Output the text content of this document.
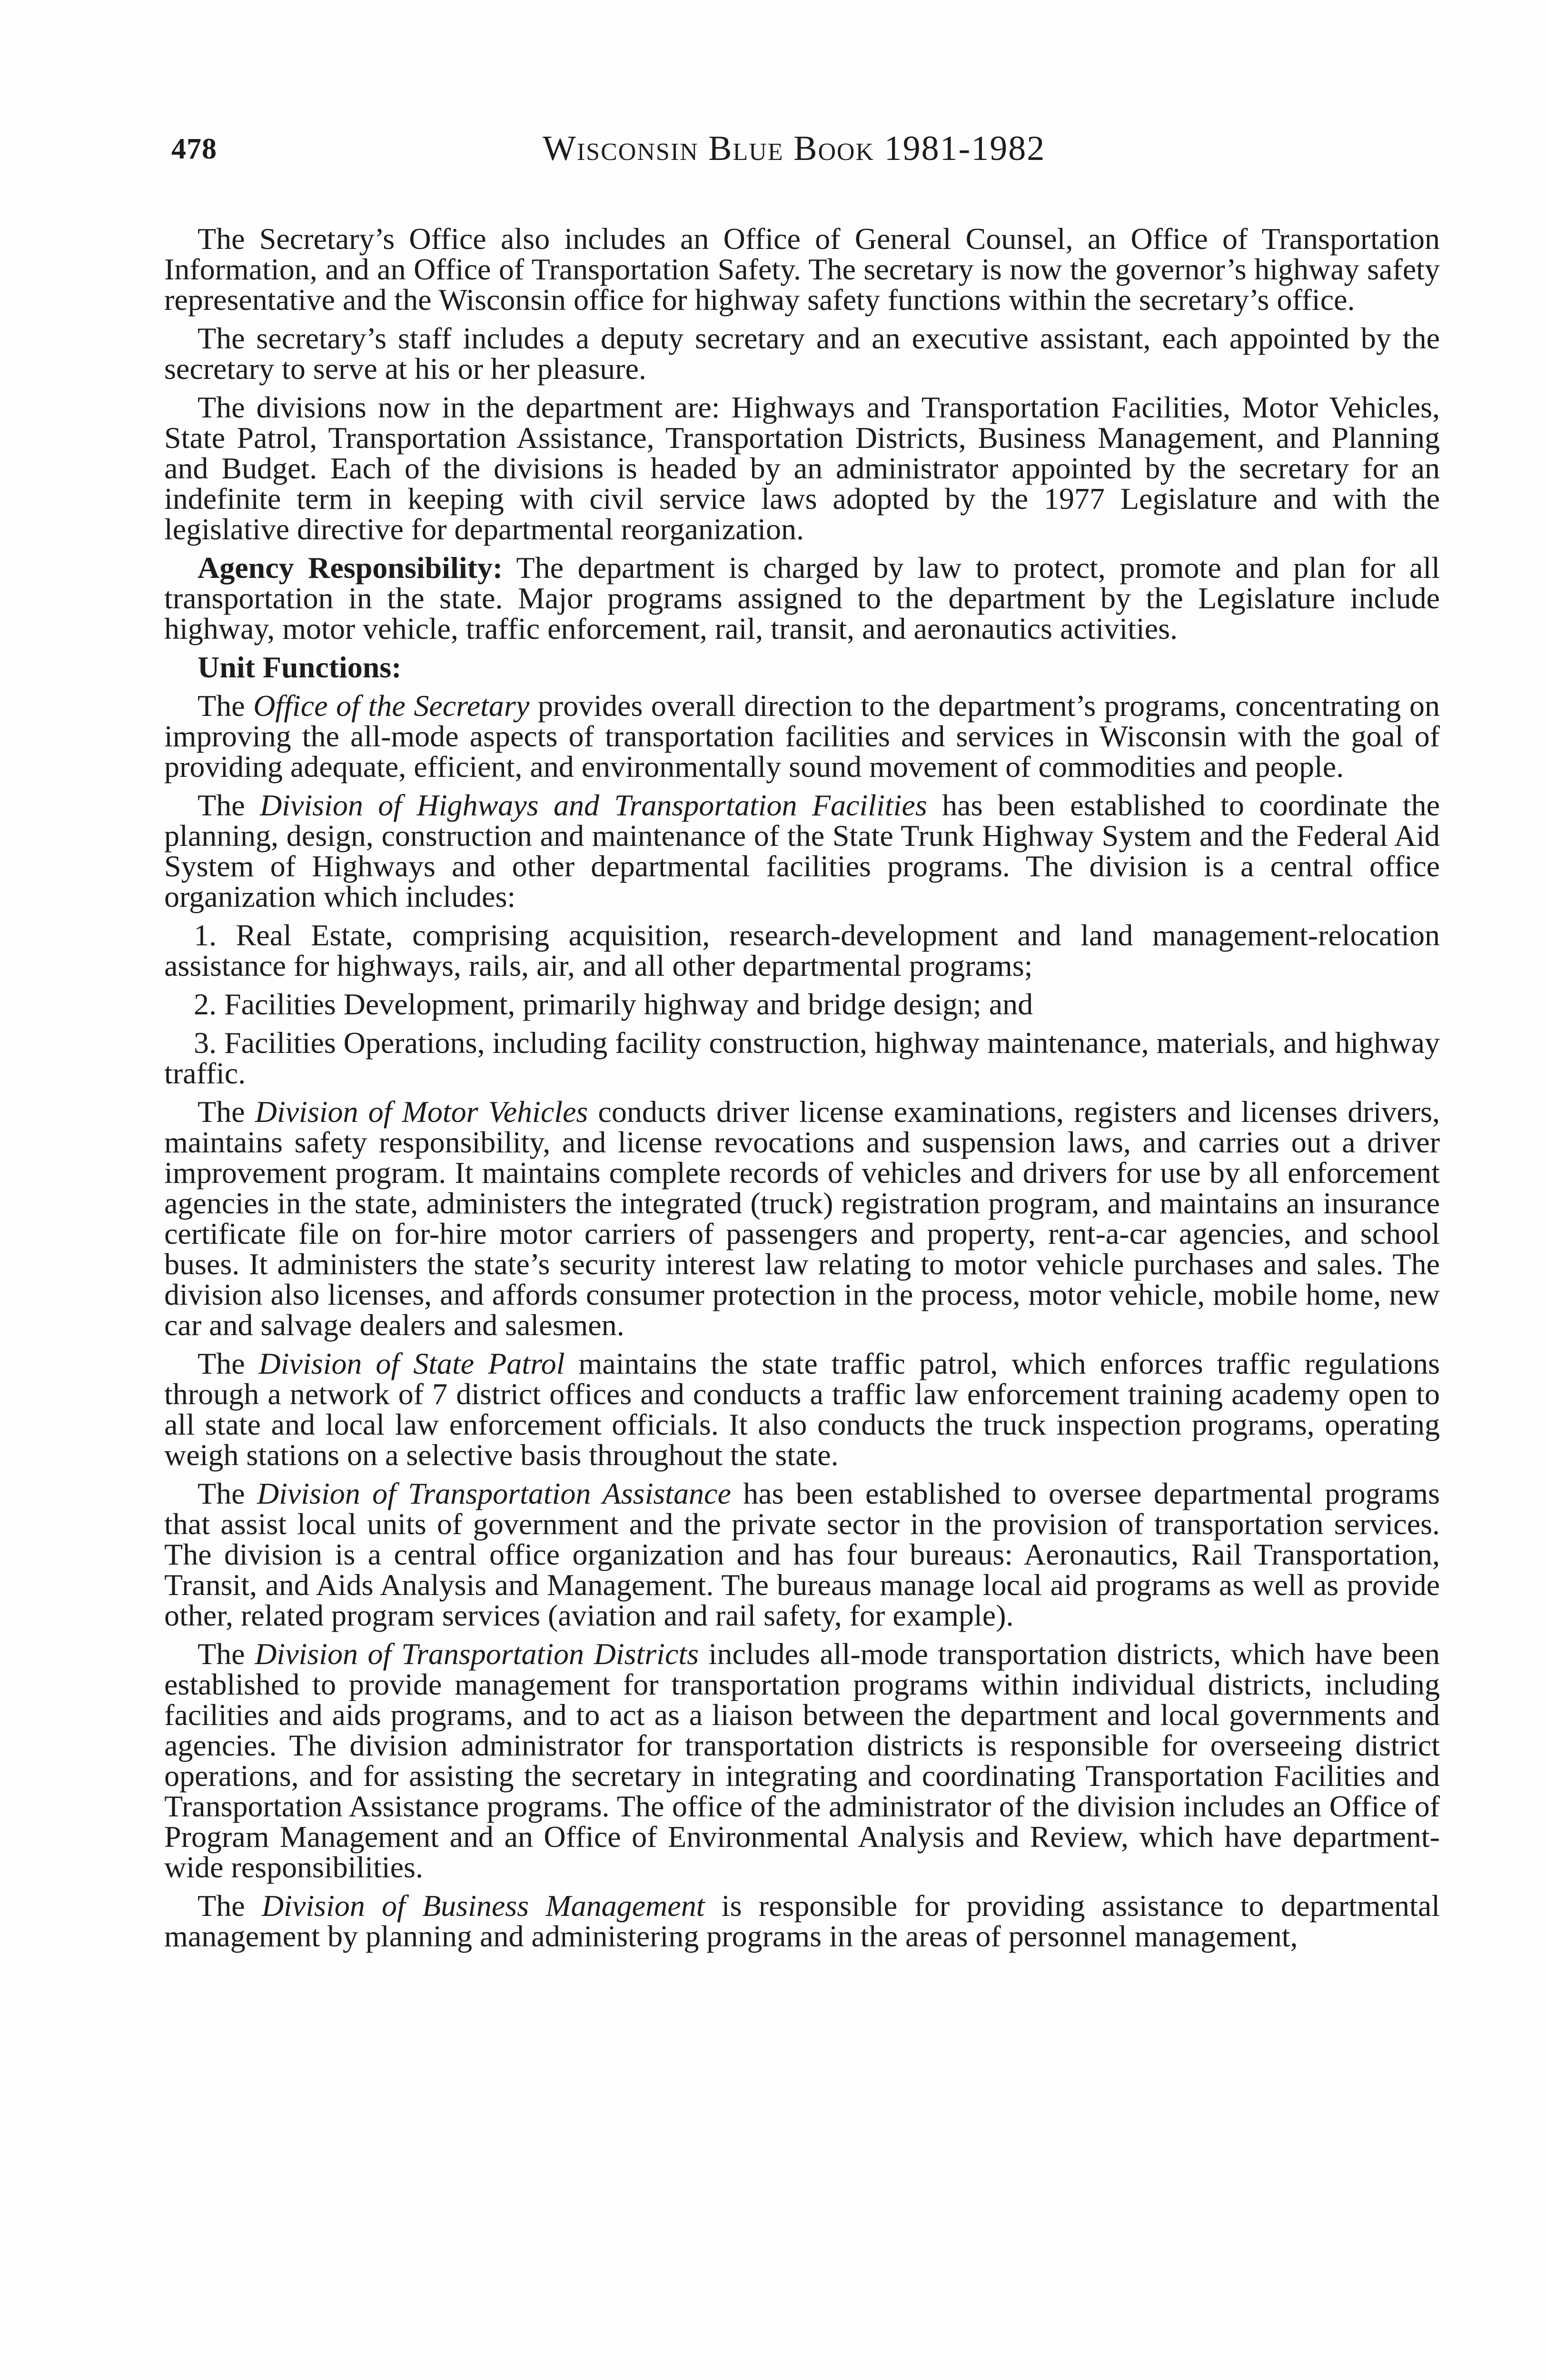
478	Wisconsin Blue Book 1981-1982

The Secretary’s Office also includes an Office of General Counsel, an Office of Transportation Information, and an Office of Transportation Safety. The secretary is now the governor’s highway safety representative and the Wisconsin office for highway safety functions within the secretary’s office.

The secretary’s staff includes a deputy secretary and an executive assistant, each appointed by the secretary to serve at his or her pleasure.

The divisions now in the department are: Highways and Transportation Facilities, Motor Vehicles, State Patrol, Transportation Assistance, Transportation Districts, Business Management, and Planning and Budget. Each of the divisions is headed by an administrator appointed by the secretary for an indefinite term in keeping with civil service laws adopted by the 1977 Legislature and with the legislative directive for departmental reorganization.

Agency Responsibility: The department is charged by law to protect, promote and plan for all transportation in the state. Major programs assigned to the department by the Legislature include highway, motor vehicle, traffic enforcement, rail, transit, and aeronautics activities.

Unit Functions:

The Office of the Secretary provides overall direction to the department’s programs, concentrating on improving the all-mode aspects of transportation facilities and services in Wisconsin with the goal of providing adequate, efficient, and environmentally sound movement of commodities and people.

The Division of Highways and Transportation Facilities has been established to coordinate the planning, design, construction and maintenance of the State Trunk Highway System and the Federal Aid System of Highways and other departmental facilities programs. The division is a central office organization which includes:

1. Real Estate, comprising acquisition, research-development and land management-relocation assistance for highways, rails, air, and all other departmental programs;

2. Facilities Development, primarily highway and bridge design; and

3. Facilities Operations, including facility construction, highway maintenance, materials, and highway traffic.

The Division of Motor Vehicles conducts driver license examinations, registers and licenses drivers, maintains safety responsibility, and license revocations and suspension laws, and carries out a driver improvement program. It maintains complete records of vehicles and drivers for use by all enforcement agencies in the state, administers the integrated (truck) registration program, and maintains an insurance certificate file on for-hire motor carriers of passengers and property, rent-a-car agencies, and school buses. It administers the state’s security interest law relating to motor vehicle purchases and sales. The division also licenses, and affords consumer protection in the process, motor vehicle, mobile home, new car and salvage dealers and salesmen.

The Division of State Patrol maintains the state traffic patrol, which enforces traffic regulations through a network of 7 district offices and conducts a traffic law enforcement training academy open to all state and local law enforcement officials. It also conducts the truck inspection programs, operating weigh stations on a selective basis throughout the state.

The Division of Transportation Assistance has been established to oversee departmental programs that assist local units of government and the private sector in the provision of transportation services. The division is a central office organization and has four bureaus: Aeronautics, Rail Transportation, Transit, and Aids Analysis and Management. The bureaus manage local aid programs as well as provide other, related program services (aviation and rail safety, for example).

The Division of Transportation Districts includes all-mode transportation districts, which have been established to provide management for transportation programs within individual districts, including facilities and aids programs, and to act as a liaison between the department and local governments and agencies. The division administrator for transportation districts is responsible for overseeing district operations, and for assisting the secretary in integrating and coordinating Transportation Facilities and Transportation Assistance programs. The office of the administrator of the division includes an Office of Program Management and an Office of Environmental Analysis and Review, which have department-wide responsibilities.

The Division of Business Management is responsible for providing assistance to departmental management by planning and administering programs in the areas of personnel management,
